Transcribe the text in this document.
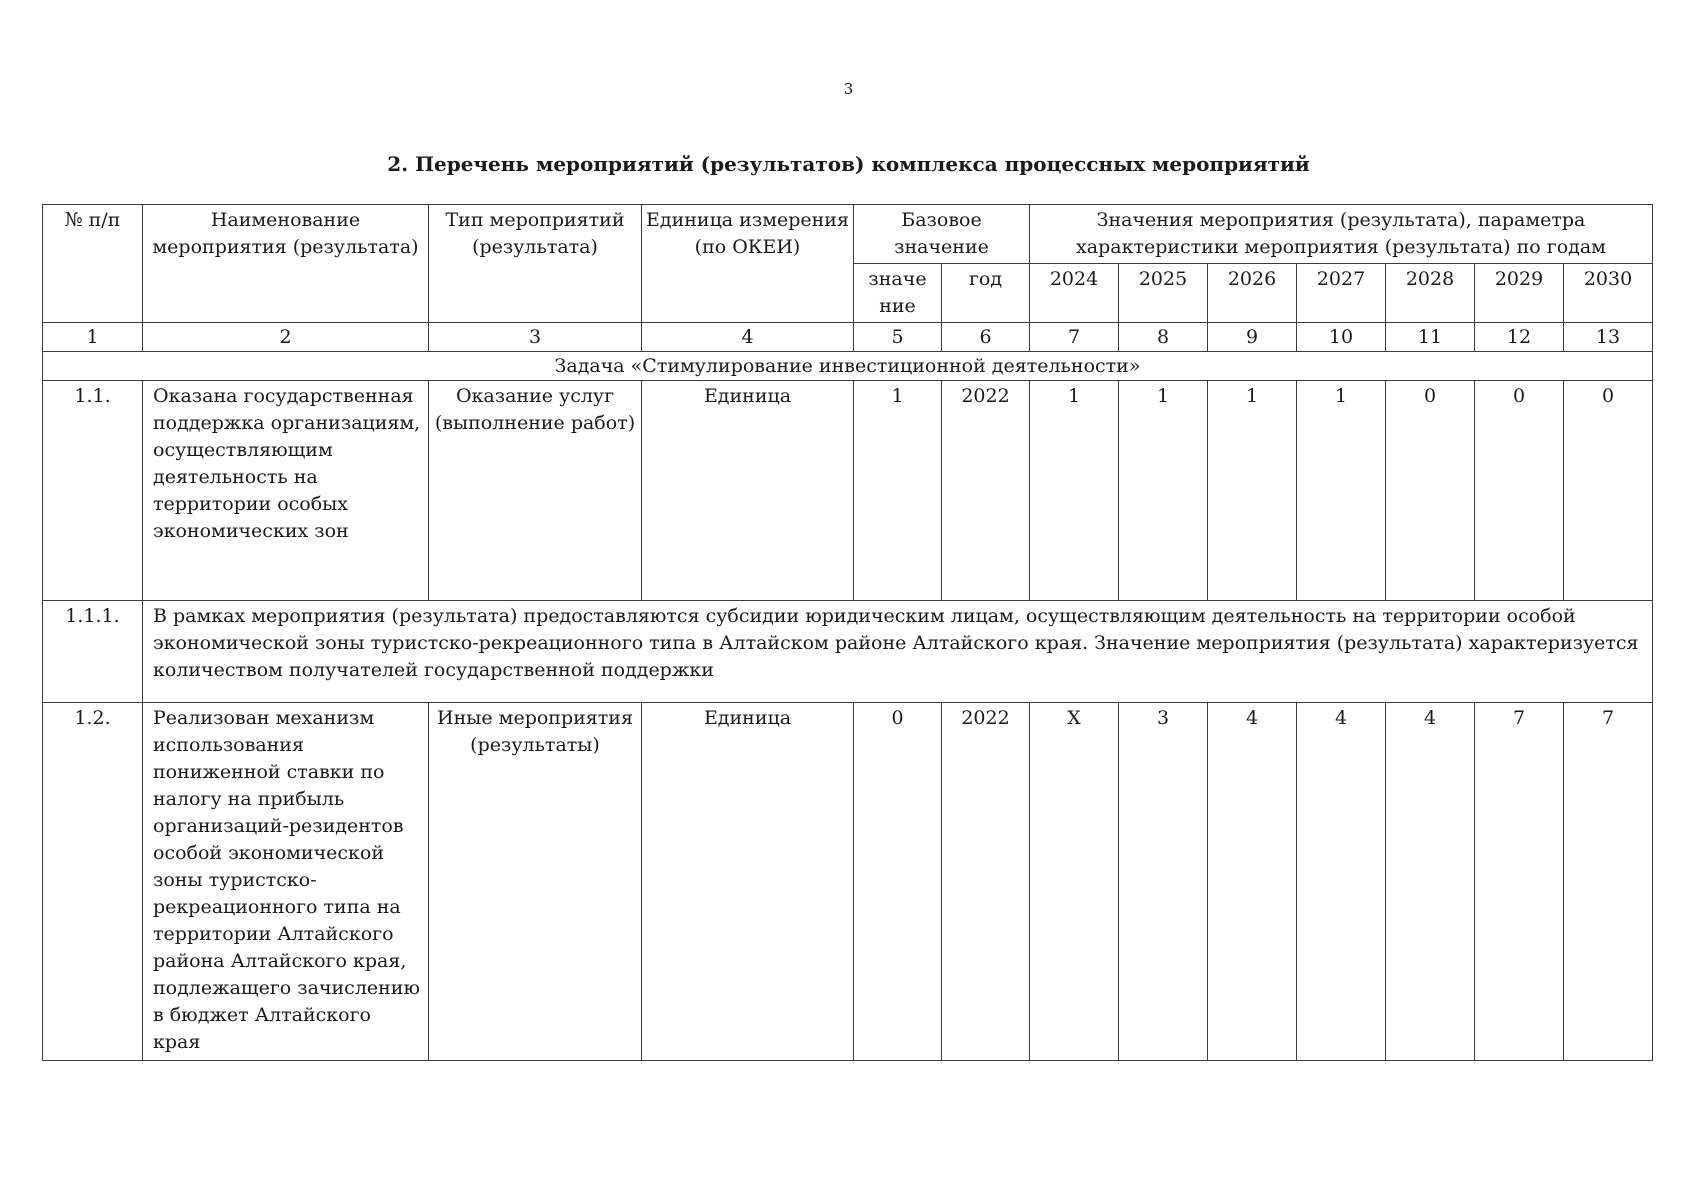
3
2. Перечень мероприятий (результатов) комплекса процессных мероприятий
№ п/п	Наименование мероприятия (результата)	Тип мероприятий (результата)	Единица измерения (по ОКЕИ)	Базовое значение		Значения мероприятия (результата), параметра характеристики мероприятия (результата) по годам						
				значе ние	год	2024	2025	2026	2027	2028	2029	2030
1	2	3	4	5	6	7	8	9	10	11	12	13
Задача «Стимулирование инвестиционной деятельности»												
1.1.	Оказана государственная поддержка организациям, осуществляющим деятельность на территории особых экономических зон	Оказание услуг (выполнение работ)	Единица	1	2022	1	1	1	1	0	0	0
1.1.1.	В рамках мероприятия (результата) предоставляются субсидии юридическим лицам, осуществляющим деятельность на территории особой экономической зоны туристско-рекреационного типа в Алтайском районе Алтайского края. Значение мероприятия (результата) характеризуется количеством получателей государственной поддержки											
1.2.	Реализован механизм использования пониженной ставки по налогу на прибыль организаций-резидентов особой экономической зоны туристско-рекреационного типа на территории Алтайского района Алтайского края, подлежащего зачислению в бюджет Алтайского края	Иные мероприятия (результаты)	Единица	0	2022	X	3	4	4	4	7	7
